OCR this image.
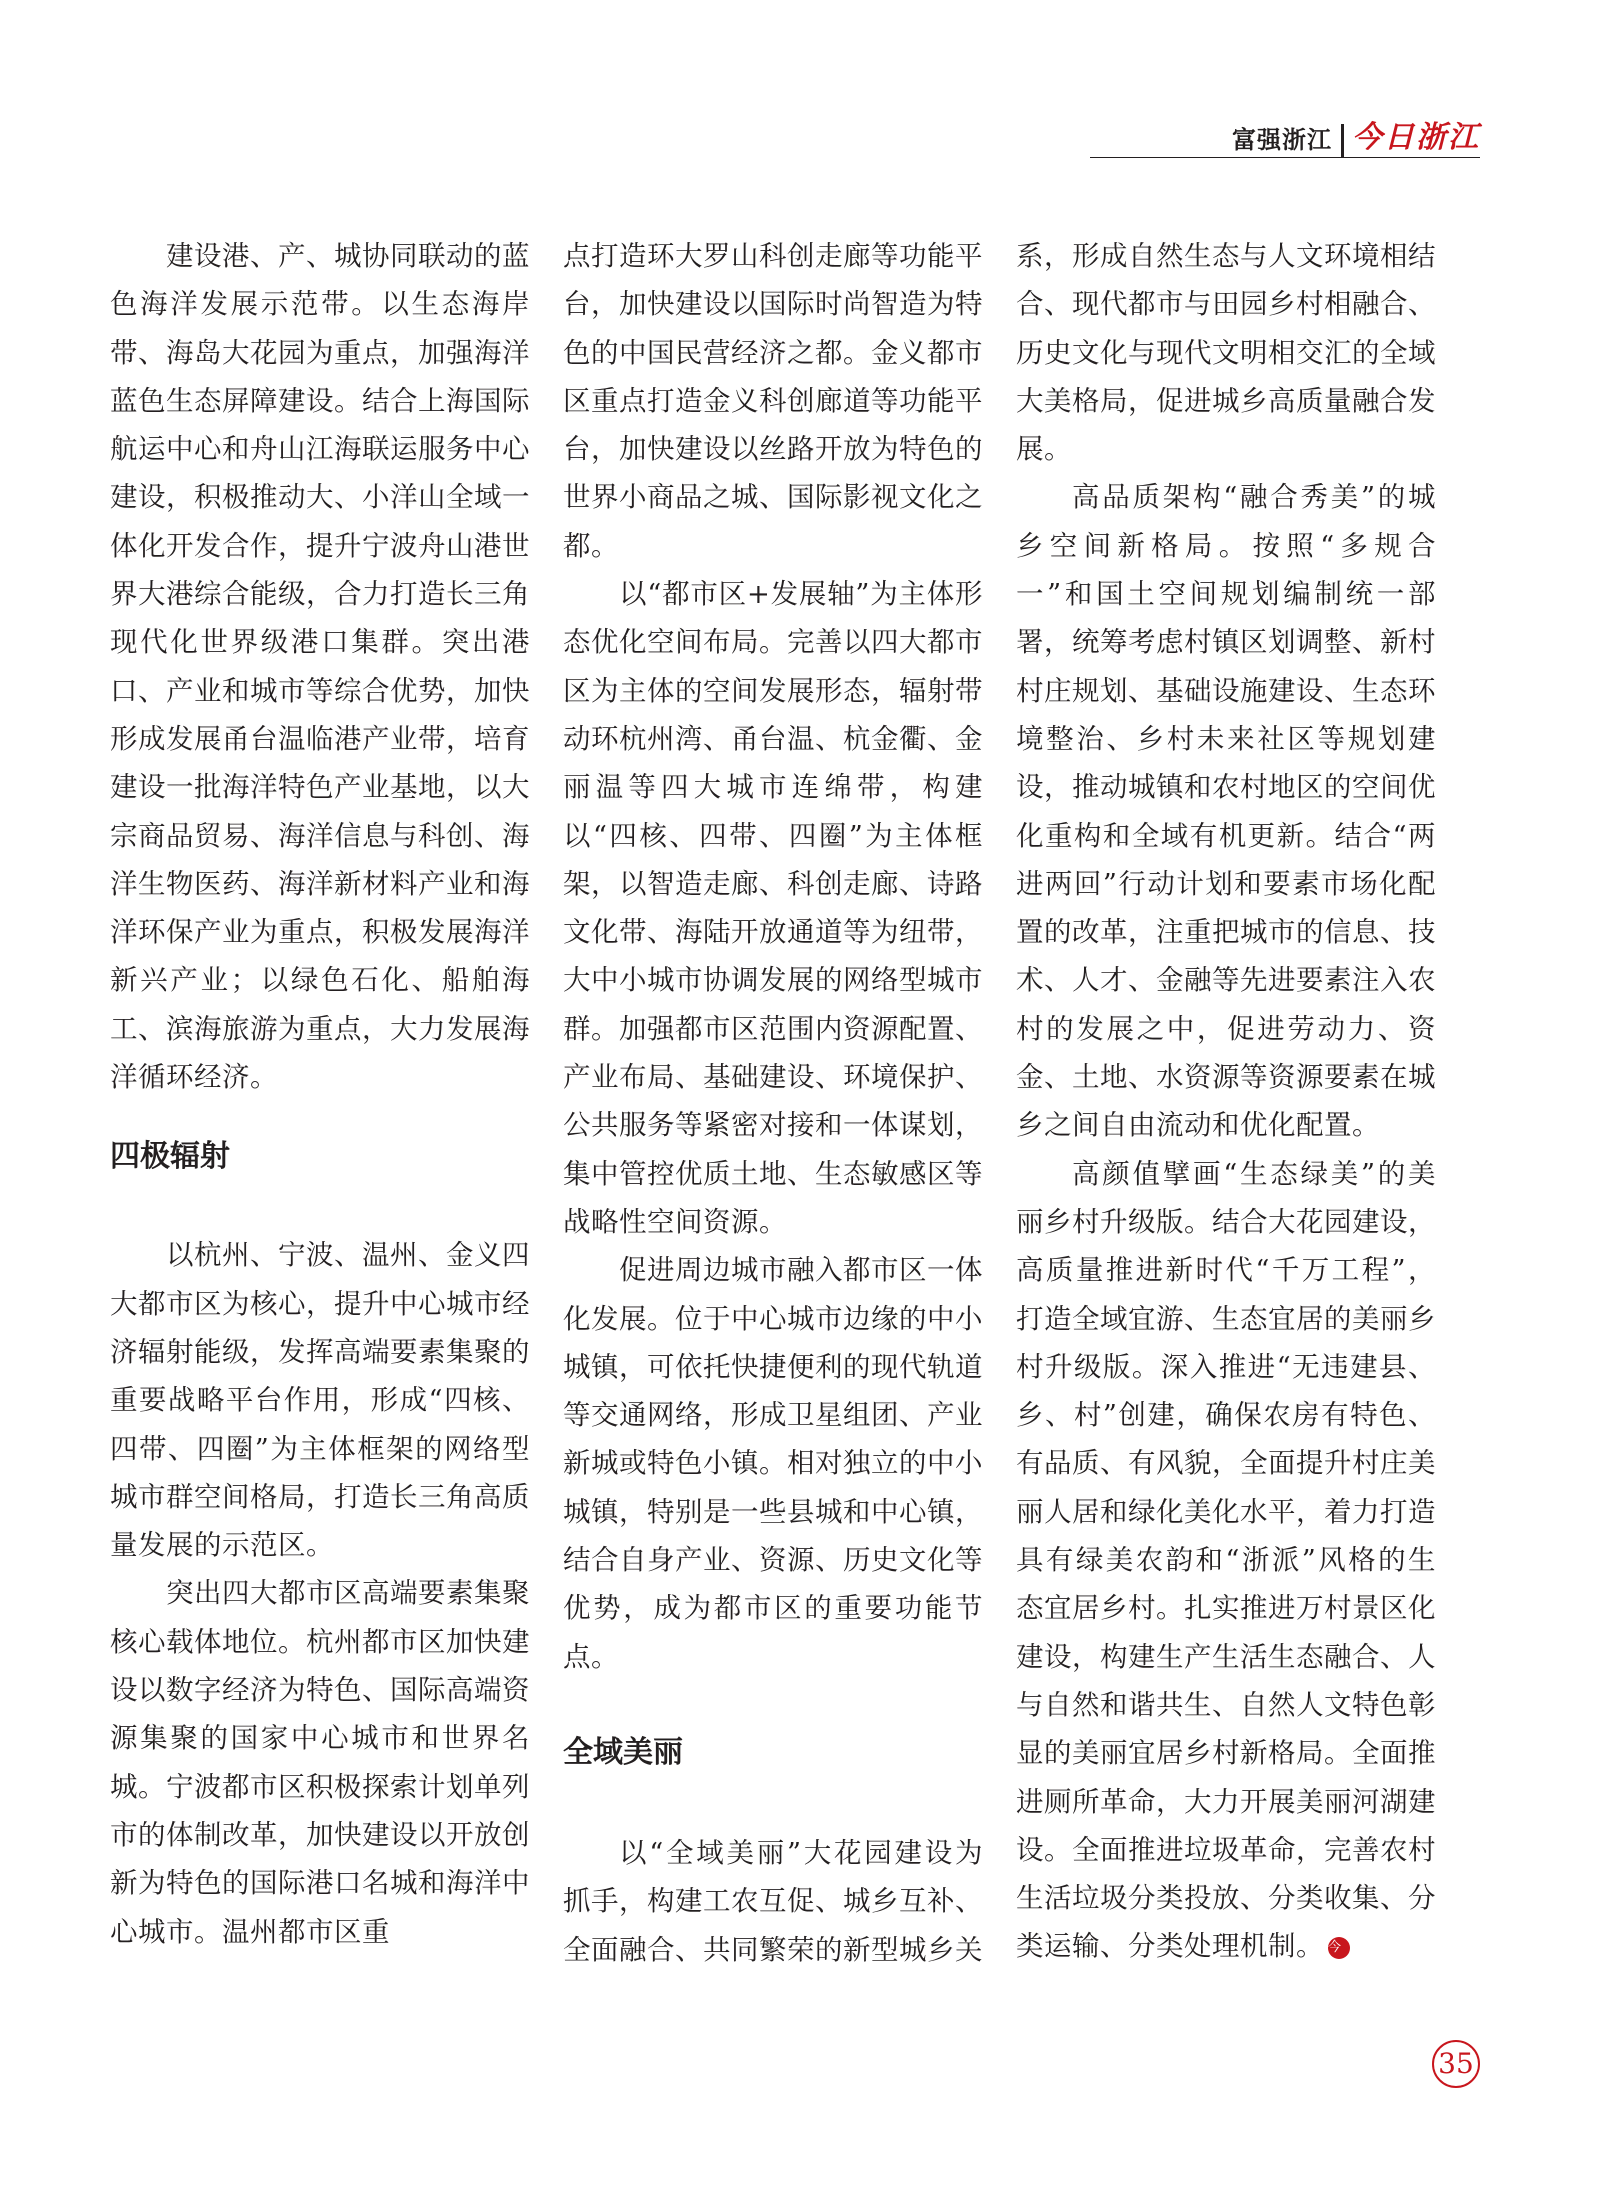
富强浙江 今日浙江

建设港、产、城协同联动的蓝色海洋发展示范带。以生态海岸带、海岛大花园为重点，加强海洋蓝色生态屏障建设。结合上海国际航运中心和舟山江海联运服务中心建设，积极推动大、小洋山全域一体化开发合作，提升宁波舟山港世界大港综合能级，合力打造长三角现代化世界级港口集群。突出港口、产业和城市等综合优势，加快形成发展甬台温临港产业带，培育建设一批海洋特色产业基地，以大宗商品贸易、海洋信息与科创、海洋生物医药、海洋新材料产业和海洋环保产业为重点，积极发展海洋新兴产业；以绿色石化、船舶海工、滨海旅游为重点，大力发展海洋循环经济。

四极辐射

以杭州、宁波、温州、金义四大都市区为核心，提升中心城市经济辐射能级，发挥高端要素集聚的重要战略平台作用，形成“四核、四带、四圈”为主体框架的网络型城市群空间格局，打造长三角高质量发展的示范区。

突出四大都市区高端要素集聚核心载体地位。杭州都市区加快建设以数字经济为特色、国际高端资源集聚的国家中心城市和世界名城。宁波都市区积极探索计划单列市的体制改革，加快建设以开放创新为特色的国际港口名城和海洋中心城市。温州都市区重

点打造环大罗山科创走廊等功能平台，加快建设以国际时尚智造为特色的中国民营经济之都。金义都市区重点打造金义科创廊道等功能平台，加快建设以丝路开放为特色的世界小商品之城、国际影视文化之都。

以“都市区+发展轴”为主体形态优化空间布局。完善以四大都市区为主体的空间发展形态，辐射带动环杭州湾、甬台温、杭金衢、金丽温等四大城市连绵带，构建以“四核、四带、四圈”为主体框架，以智造走廊、科创走廊、诗路文化带、海陆开放通道等为纽带，大中小城市协调发展的网络型城市群。加强都市区范围内资源配置、产业布局、基础建设、环境保护、公共服务等紧密对接和一体谋划，集中管控优质土地、生态敏感区等战略性空间资源。

促进周边城市融入都市区一体化发展。位于中心城市边缘的中小城镇，可依托快捷便利的现代轨道等交通网络，形成卫星组团、产业新城或特色小镇。相对独立的中小城镇，特别是一些县城和中心镇，结合自身产业、资源、历史文化等优势，成为都市区的重要功能节点。

全域美丽

以“全域美丽”大花园建设为抓手，构建工农互促、城乡互补、全面融合、共同繁荣的新型城乡关

系，形成自然生态与人文环境相结合、现代都市与田园乡村相融合、历史文化与现代文明相交汇的全域大美格局，促进城乡高质量融合发展。

高品质架构“融合秀美”的城乡空间新格局。按照“多规合一”和国土空间规划编制统一部署，统筹考虑村镇区划调整、新村村庄规划、基础设施建设、生态环境整治、乡村未来社区等规划建设，推动城镇和农村地区的空间优化重构和全域有机更新。结合“两进两回”行动计划和要素市场化配置的改革，注重把城市的信息、技术、人才、金融等先进要素注入农村的发展之中，促进劳动力、资金、土地、水资源等资源要素在城乡之间自由流动和优化配置。

高颜值擘画“生态绿美”的美丽乡村升级版。结合大花园建设，高质量推进新时代“千万工程”，打造全域宜游、生态宜居的美丽乡村升级版。深入推进“无违建县、乡、村”创建，确保农房有特色、有品质、有风貌，全面提升村庄美丽人居和绿化美化水平，着力打造具有绿美农韵和“浙派”风格的生态宜居乡村。扎实推进万村景区化建设，构建生产生活生态融合、人与自然和谐共生、自然人文特色彰显的美丽宜居乡村新格局。全面推进厕所革命，大力开展美丽河湖建设。全面推进垃圾革命，完善农村生活垃圾分类投放、分类收集、分类运输、分类处理机制。 今

35
